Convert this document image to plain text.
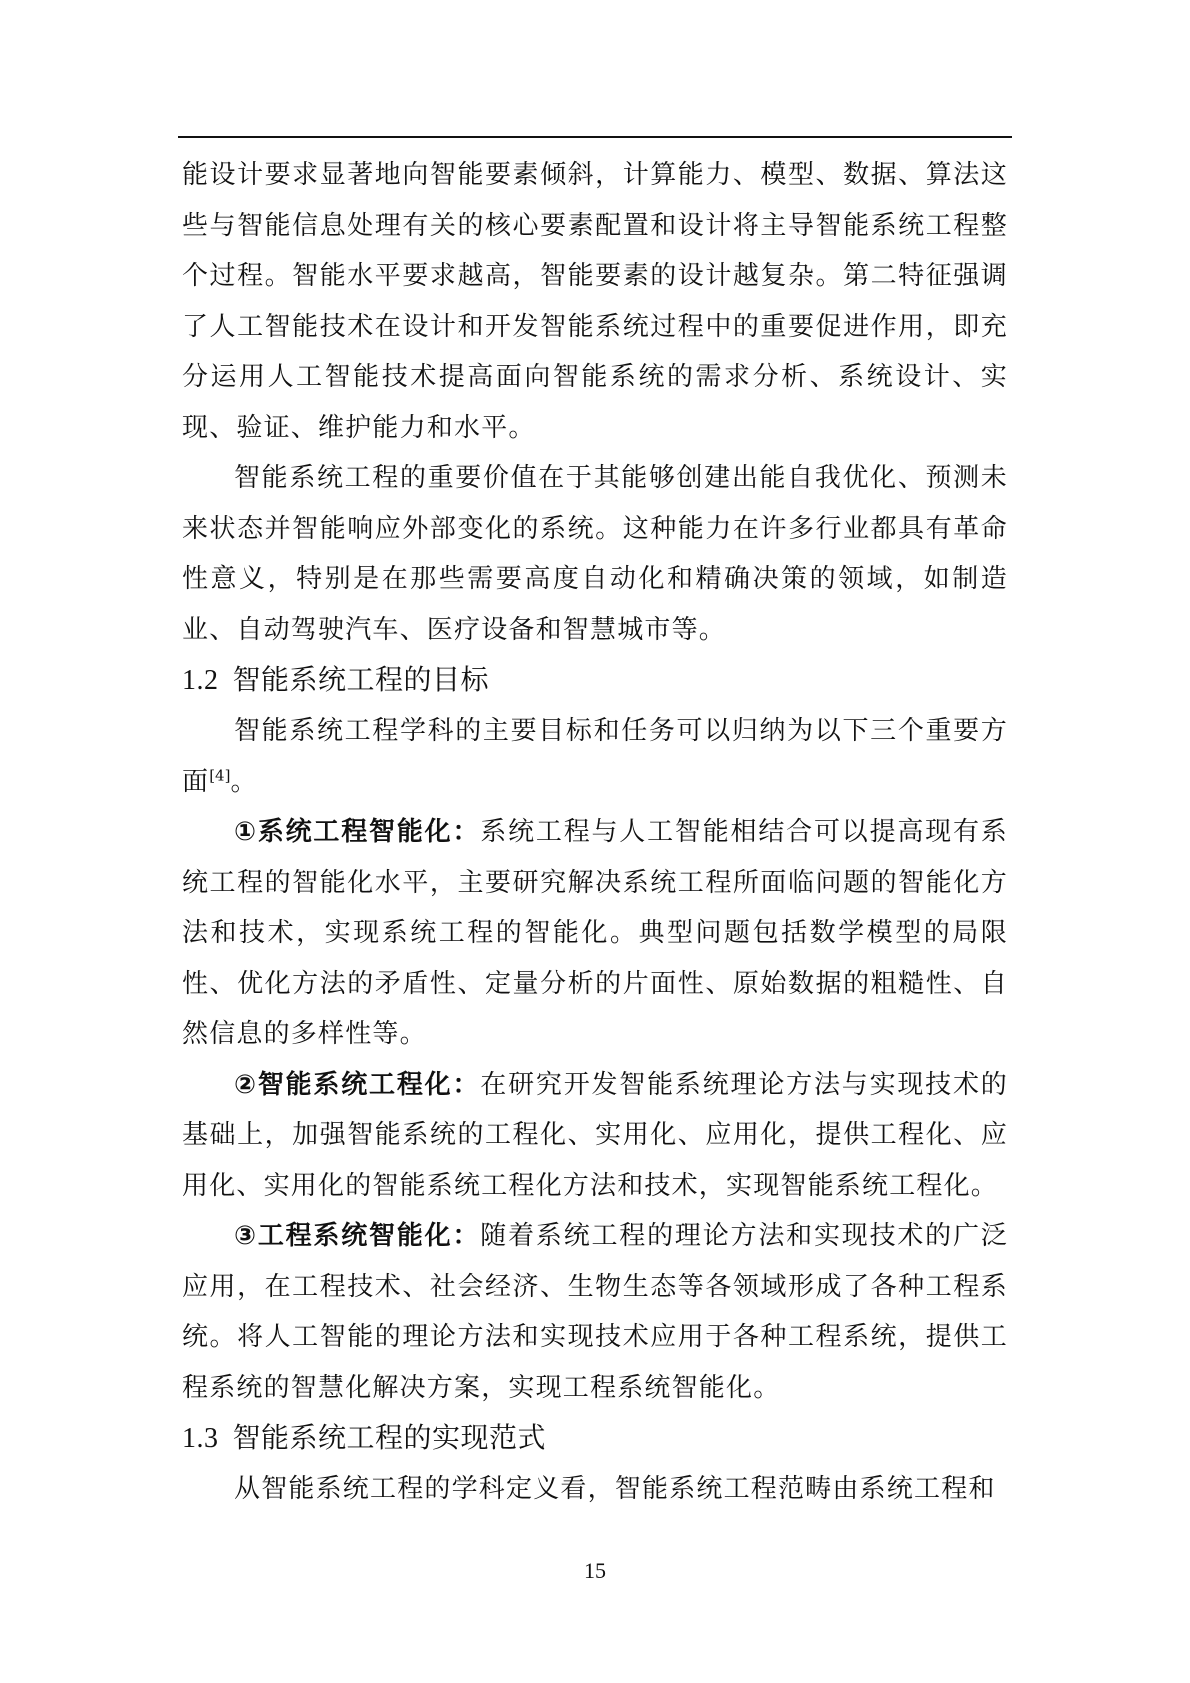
能设计要求显著地向智能要素倾斜，计算能力、模型、数据、算法这些与智能信息处理有关的核心要素配置和设计将主导智能系统工程整个过程。智能水平要求越高，智能要素的设计越复杂。第二特征强调了人工智能技术在设计和开发智能系统过程中的重要促进作用，即充分运用人工智能技术提高面向智能系统的需求分析、系统设计、实现、验证、维护能力和水平。

智能系统工程的重要价值在于其能够创建出能自我优化、预测未来状态并智能响应外部变化的系统。这种能力在许多行业都具有革命性意义，特别是在那些需要高度自动化和精确决策的领域，如制造业、自动驾驶汽车、医疗设备和智慧城市等。

1.2 智能系统工程的目标

智能系统工程学科的主要目标和任务可以归纳为以下三个重要方面[4]。

①系统工程智能化：系统工程与人工智能相结合可以提高现有系统工程的智能化水平，主要研究解决系统工程所面临问题的智能化方法和技术，实现系统工程的智能化。典型问题包括数学模型的局限性、优化方法的矛盾性、定量分析的片面性、原始数据的粗糙性、自然信息的多样性等。

②智能系统工程化：在研究开发智能系统理论方法与实现技术的基础上，加强智能系统的工程化、实用化、应用化，提供工程化、应用化、实用化的智能系统工程化方法和技术，实现智能系统工程化。

③工程系统智能化：随着系统工程的理论方法和实现技术的广泛应用，在工程技术、社会经济、生物生态等各领域形成了各种工程系统。将人工智能的理论方法和实现技术应用于各种工程系统，提供工程系统的智慧化解决方案，实现工程系统智能化。

1.3 智能系统工程的实现范式

从智能系统工程的学科定义看，智能系统工程范畴由系统工程和

15
